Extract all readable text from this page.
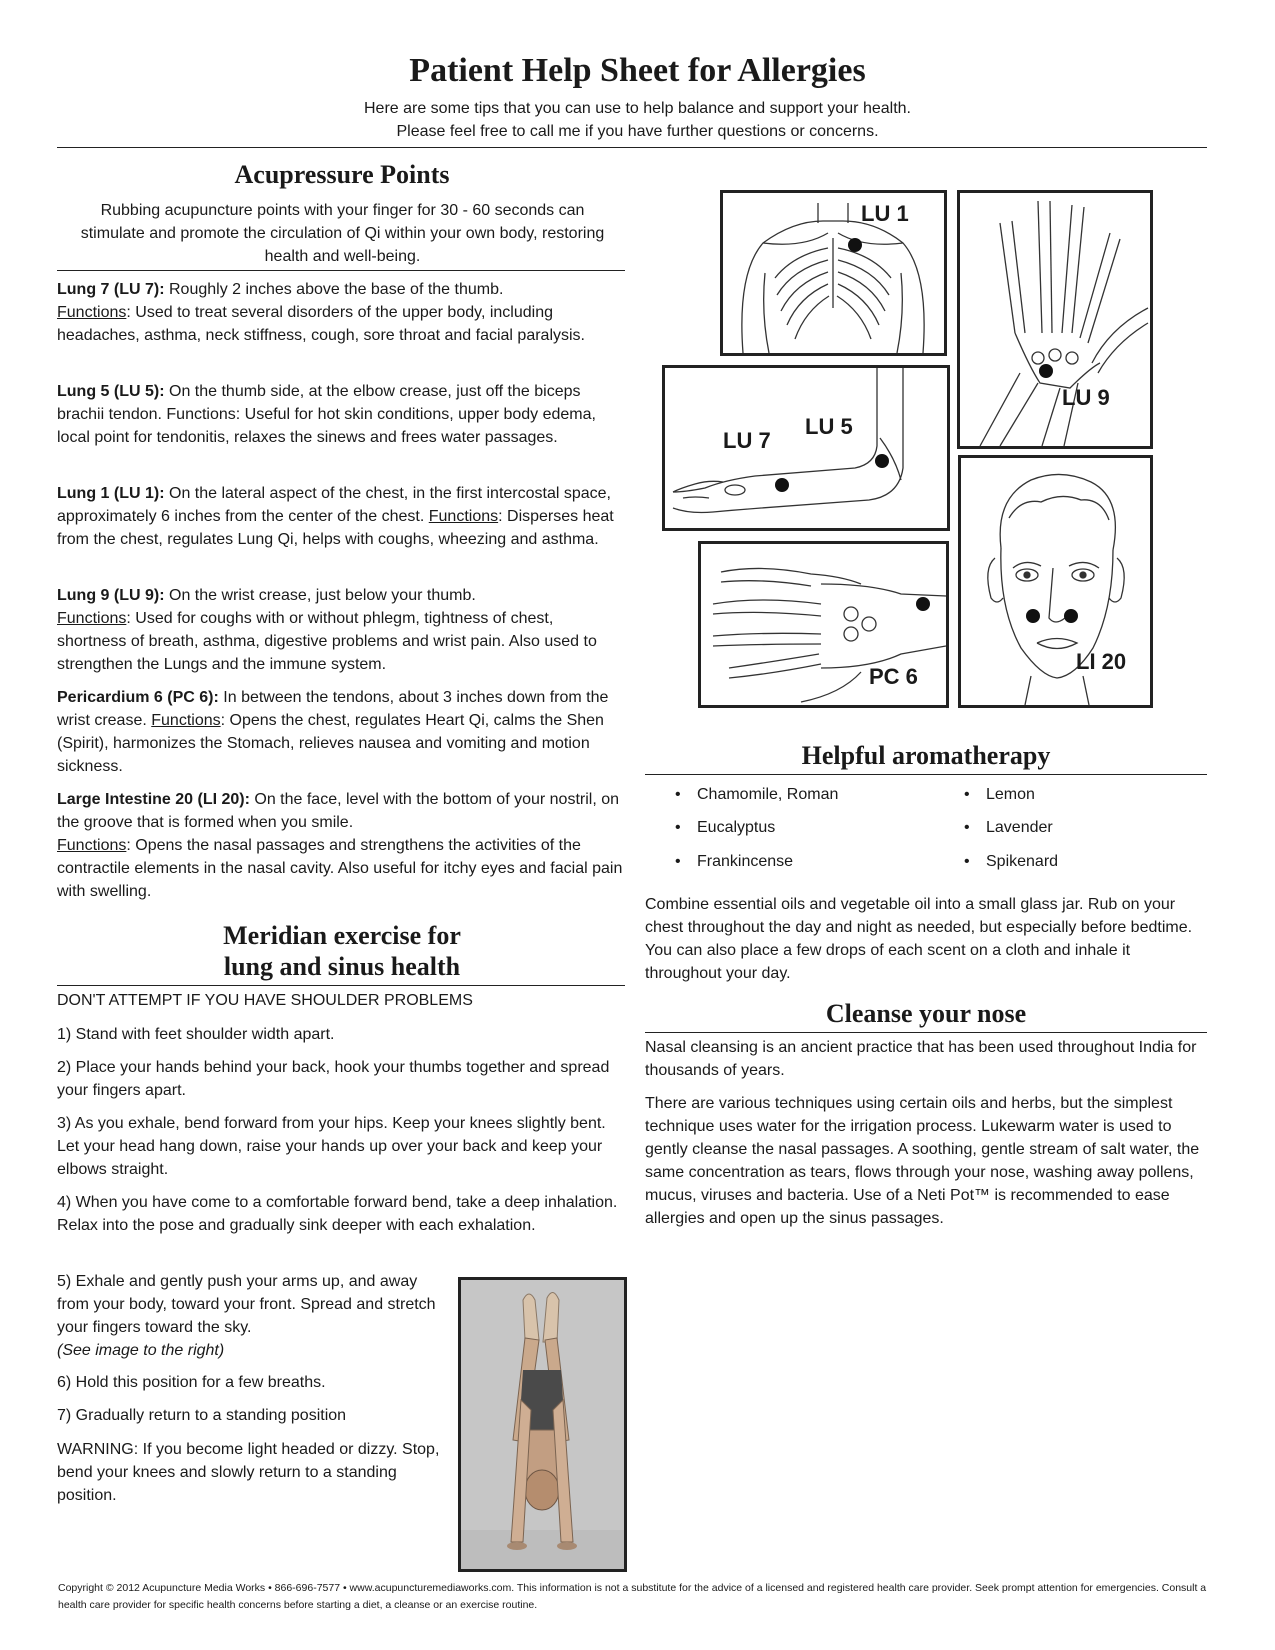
Patient Help Sheet for Allergies
Here are some tips that you can use to help balance and support your health.
Please feel free to call me if you have further questions or concerns.
Acupressure Points

Rubbing acupuncture points with your finger for 30 - 60 seconds can stimulate and promote the circulation of Qi within your own body, restoring health and well-being.

Lung 7 (LU 7): Roughly 2 inches above the base of the thumb.
Functions: Used to treat several disorders of the upper body, including headaches, asthma, neck stiffness, cough, sore throat and facial paralysis.
Lung 5 (LU 5): On the thumb side, at the elbow crease, just off the biceps brachii tendon. Functions: Useful for hot skin conditions, upper body edema, local point for tendonitis, relaxes the sinews and frees water passages.
Lung 1 (LU 1): On the lateral aspect of the chest, in the first intercostal space, approximately 6 inches from the center of the chest. Functions: Disperses heat from the chest, regulates Lung Qi, helps with coughs, wheezing and asthma.
Lung 9 (LU 9): On the wrist crease, just below your thumb.
Functions: Used for coughs with or without phlegm, tightness of chest, shortness of breath, asthma, digestive problems and wrist pain. Also used to strengthen the Lungs and the immune system.
Pericardium 6 (PC 6): In between the tendons, about 3 inches down from the wrist crease. Functions: Opens the chest, regulates Heart Qi, calms the Shen (Spirit), harmonizes the Stomach, relieves nausea and vomiting and motion sickness.
Large Intestine 20 (LI 20): On the face, level with the bottom of your nostril, on the groove that is formed when you smile.
Functions: Opens the nasal passages and strengthens the activities of the contractile elements in the nasal cavity. Also useful for itchy eyes and facial pain with swelling.
Meridian exercise for
lung and sinus health
DON'T ATTEMPT IF YOU HAVE SHOULDER PROBLEMS
1) Stand with feet shoulder width apart.
2) Place your hands behind your back, hook your thumbs together and spread your fingers apart.
3) As you exhale, bend forward from your hips. Keep your knees slightly bent. Let your head hang down, raise your hands up over your back and keep your elbows straight.
4) When you have come to a comfortable forward bend, take a deep inhalation. Relax into the pose and gradually sink deeper with each exhalation.
5) Exhale and gently push your arms up, and away from your body, toward your front. Spread and stretch your fingers toward the sky.
(See image to the right)
6) Hold this position for a few breaths.
7) Gradually return to a standing position
WARNING: If you become light headed or dizzy. Stop, bend your knees and slowly return to a standing position.
LU 1
LU 9
LU 7
LU 5
PC 6
LI 20
Helpful aromatherapy
• Chamomile, Roman
• Eucalyptus
• Frankincense
• Lemon
• Lavender
• Spikenard

Combine essential oils and vegetable oil into a small glass jar. Rub on your chest throughout the day and night as needed, but especially before bedtime. You can also place a few drops of each scent on a cloth and inhale it throughout your day.

Cleanse your nose

Nasal cleansing is an ancient practice that has been used throughout India for thousands of years.

There are various techniques using certain oils and herbs, but the simplest technique uses water for the irrigation process. Lukewarm water is used to gently cleanse the nasal passages. A soothing, gentle stream of salt water, the same concentration as tears, flows through your nose, washing away pollens, mucus, viruses and bacteria. Use of a Neti Pot™ is recommended to ease allergies and open up the sinus passages.

Copyright © 2012 Acupuncture Media Works • 866-696-7577 • www.acupuncturemediaworks.com. This information is not a substitute for the advice of a licensed and registered health care provider. Seek prompt attention for emergencies. Consult a health care provider for specific health concerns before starting a diet, a cleanse or an exercise routine.
